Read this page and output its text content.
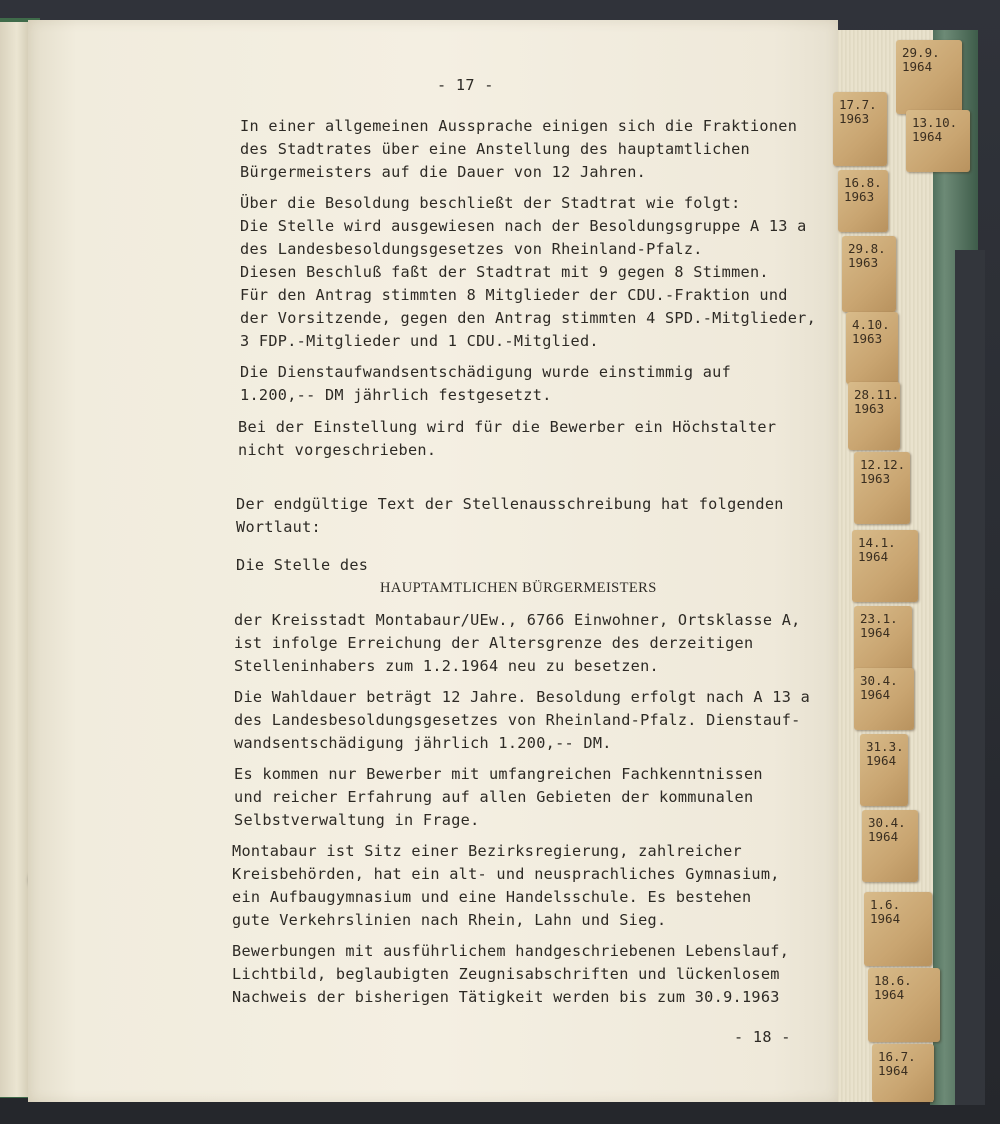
29.9.
1964
17.7.
1963	13.10.
1964
16.8.
1963
29.8.
1963
4.10.
1963
28.11.
1963
12.12.
1963
14.1.
1964
23.1.
1964
30.4.
1964
31.3.
1964
30.4.
1964
1.6.
1964
18.6.
1964
16.7.
1964
- 17 -
In einer allgemeinen Aussprache einigen sich die Fraktionen
des Stadtrates über eine Anstellung des hauptamtlichen
Bürgermeisters auf die Dauer von 12 Jahren.
Über die Besoldung beschließt der Stadtrat wie folgt:
Die Stelle wird ausgewiesen nach der Besoldungsgruppe A 13 a
des Landesbesoldungsgesetzes von Rheinland-Pfalz.
Diesen Beschluß faßt der Stadtrat mit 9 gegen 8 Stimmen.
Für den Antrag stimmten 8 Mitglieder der CDU.-Fraktion und
der Vorsitzende, gegen den Antrag stimmten 4 SPD.-Mitglieder,
3 FDP.-Mitglieder und 1 CDU.-Mitglied.
Die Dienstaufwandsentschädigung wurde einstimmig auf
1.200,-- DM jährlich festgesetzt.
Bei der Einstellung wird für die Bewerber ein Höchstalter
nicht vorgeschrieben.
Der endgültige Text der Stellenausschreibung hat folgenden
Wortlaut:
Die Stelle des
HAUPTAMTLICHEN BÜRGERMEISTERS
der Kreisstadt Montabaur/UEw., 6766 Einwohner, Ortsklasse A,
ist infolge Erreichung der Altersgrenze des derzeitigen
Stelleninhabers zum 1.2.1964 neu zu besetzen.
Die Wahldauer beträgt 12 Jahre. Besoldung erfolgt nach A 13 a
des Landesbesoldungsgesetzes von Rheinland-Pfalz. Dienstauf-
wandsentschädigung jährlich 1.200,-- DM.
Es kommen nur Bewerber mit umfangreichen Fachkenntnissen
und reicher Erfahrung auf allen Gebieten der kommunalen
Selbstverwaltung in Frage.
Montabaur ist Sitz einer Bezirksregierung, zahlreicher
Kreisbehörden, hat ein alt- und neusprachliches Gymnasium,
ein Aufbaugymnasium und eine Handelsschule. Es bestehen
gute Verkehrslinien nach Rhein, Lahn und Sieg.
Bewerbungen mit ausführlichem handgeschriebenen Lebenslauf,
Lichtbild, beglaubigten Zeugnisabschriften und lückenlosem
Nachweis der bisherigen Tätigkeit werden bis zum 30.9.1963
- 18 -
